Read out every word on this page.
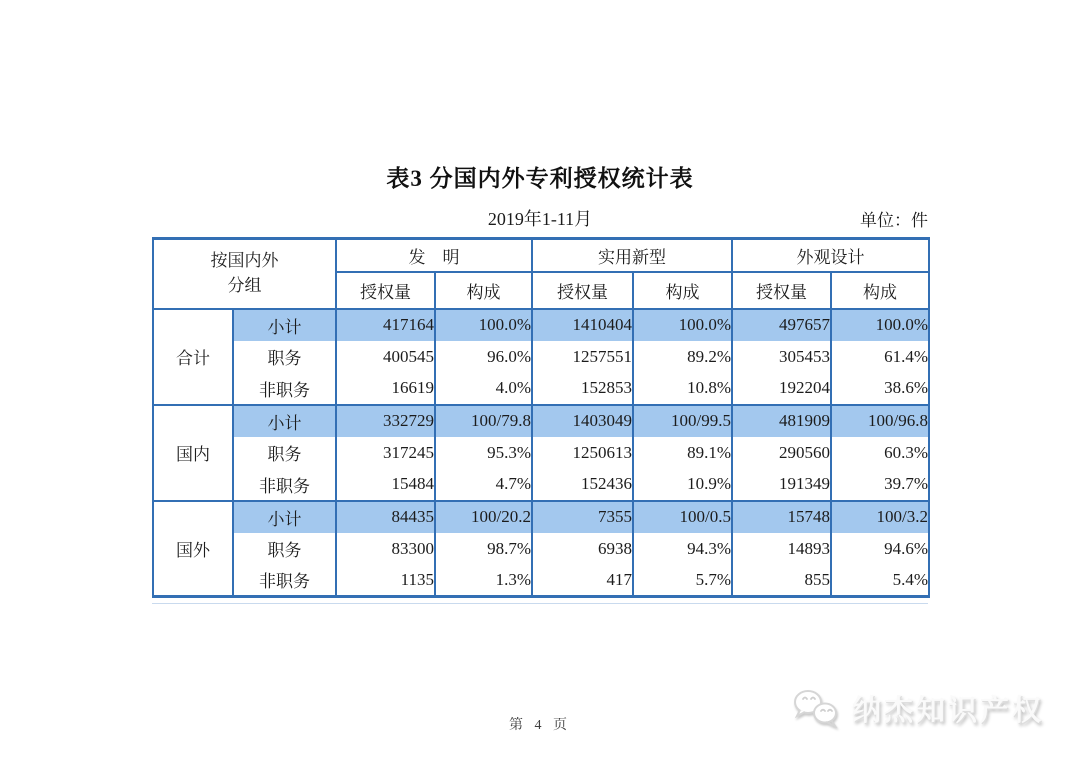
表3 分国内外专利授权统计表
2019年1-11月	单位：件
按国内外
分组		发　明		实用新型		外观设计	
		授权量	构成	授权量	构成	授权量	构成
合计	小计	417164	100.0%	1410404	100.0%	497657	100.0%
	职务	400545	96.0%	1257551	89.2%	305453	61.4%
	非职务	16619	4.0%	152853	10.8%	192204	38.6%
国内	小计	332729	100/79.8	1403049	100/99.5	481909	100/96.8
	职务	317245	95.3%	1250613	89.1%	290560	60.3%
	非职务	15484	4.7%	152436	10.9%	191349	39.7%
国外	小计	84435	100/20.2	7355	100/0.5	15748	100/3.2
	职务	83300	98.7%	6938	94.3%	14893	94.6%
	非职务	1135	1.3%	417	5.7%	855	5.4%
第 4 页	纳杰知识产权
